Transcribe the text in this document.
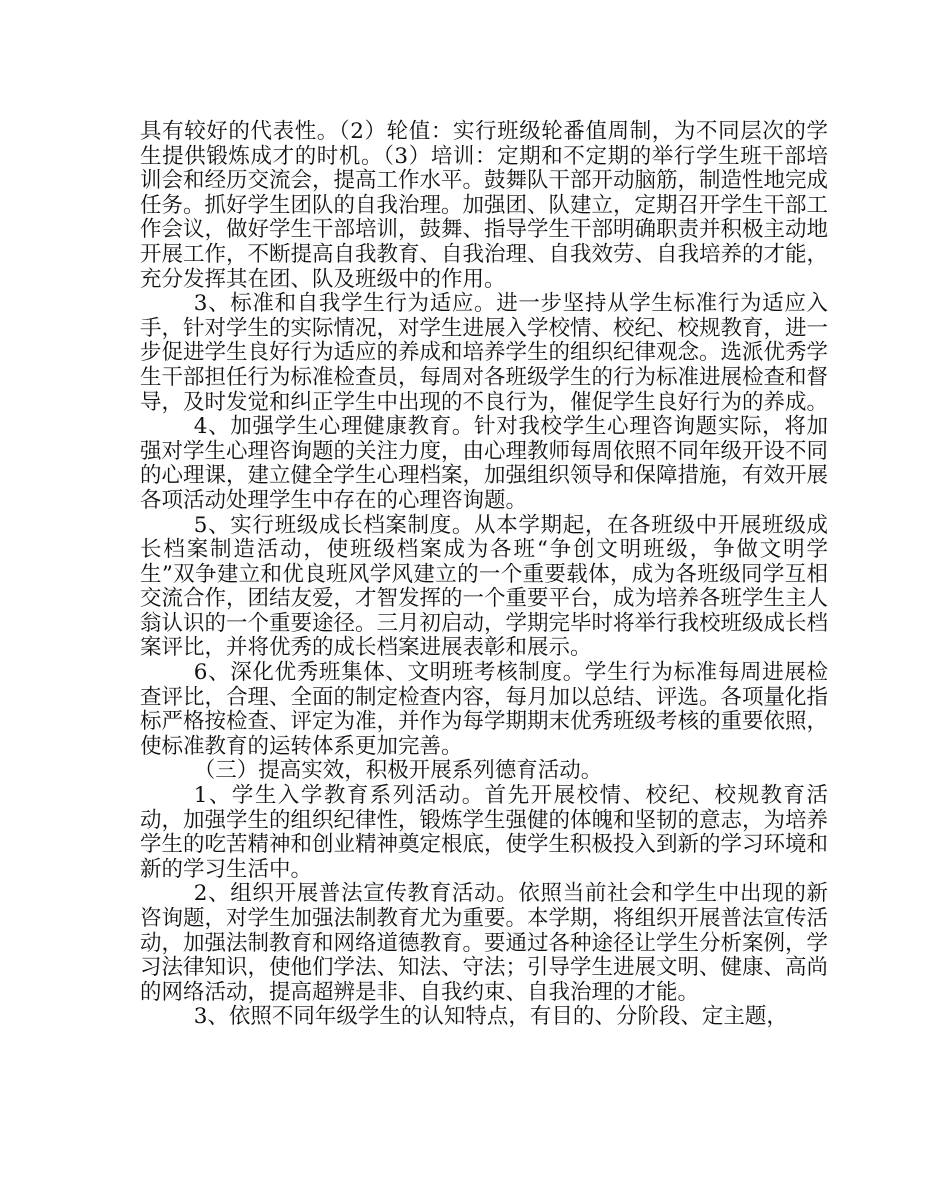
具有较好的代表性。（2）轮值：实行班级轮番值周制，为不同层次的学生提供锻炼成才的时机。（3）培训：定期和不定期的举行学生班干部培训会和经历交流会，提高工作水平。鼓舞队干部开动脑筋，制造性地完成任务。抓好学生团队的自我治理。加强团、队建立，定期召开学生干部工作会议，做好学生干部培训，鼓舞、指导学生干部明确职责并积极主动地开展工作，不断提高自我教育、自我治理、自我效劳、自我培养的才能，充分发挥其在团、队及班级中的作用。

3、标准和自我学生行为适应。进一步坚持从学生标准行为适应入手，针对学生的实际情况，对学生进展入学校情、校纪、校规教育，进一步促进学生良好行为适应的养成和培养学生的组织纪律观念。选派优秀学生干部担任行为标准检查员，每周对各班级学生的行为标准进展检查和督导，及时发觉和纠正学生中出现的不良行为，催促学生良好行为的养成。

4、加强学生心理健康教育。针对我校学生心理咨询题实际，将加强对学生心理咨询题的关注力度，由心理教师每周依照不同年级开设不同的心理课，建立健全学生心理档案，加强组织领导和保障措施，有效开展各项活动处理学生中存在的心理咨询题。

5、实行班级成长档案制度。从本学期起，在各班级中开展班级成长档案制造活动，使班级档案成为各班“争创文明班级，争做文明学生”双争建立和优良班风学风建立的一个重要载体，成为各班级同学互相交流合作，团结友爱，才智发挥的一个重要平台，成为培养各班学生主人翁认识的一个重要途径。三月初启动，学期完毕时将举行我校班级成长档案评比，并将优秀的成长档案进展表彰和展示。

6、深化优秀班集体、文明班考核制度。学生行为标准每周进展检查评比，合理、全面的制定检查内容，每月加以总结、评选。各项量化指标严格按检查、评定为准，并作为每学期期末优秀班级考核的重要依照，使标准教育的运转体系更加完善。

（三）提高实效，积极开展系列德育活动。

1、学生入学教育系列活动。首先开展校情、校纪、校规教育活动，加强学生的组织纪律性，锻炼学生强健的体魄和坚韧的意志，为培养学生的吃苦精神和创业精神奠定根底，使学生积极投入到新的学习环境和新的学习生活中。

2、组织开展普法宣传教育活动。依照当前社会和学生中出现的新咨询题，对学生加强法制教育尤为重要。本学期，将组织开展普法宣传活动，加强法制教育和网络道德教育。要通过各种途径让学生分析案例，学习法律知识，使他们学法、知法、守法；引导学生进展文明、健康、高尚的网络活动，提高超辨是非、自我约束、自我治理的才能。

3、依照不同年级学生的认知特点，有目的、分阶段、定主题，
